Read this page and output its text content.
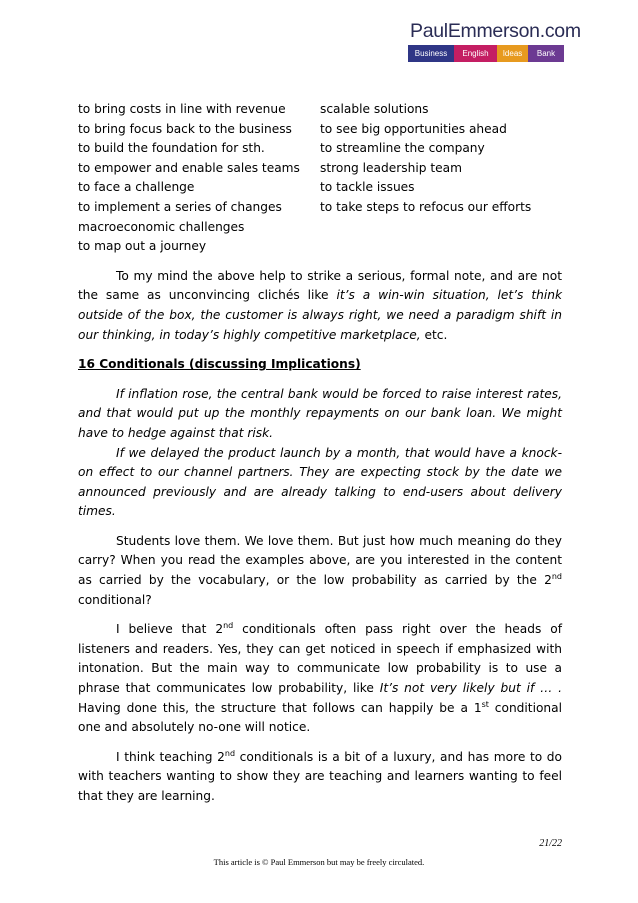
PaulEmmerson.com
Business	English	Ideas	Bank
to bring costs in line with revenue
to bring focus back to the business
to build the foundation for sth.
to empower and enable sales teams
to face a challenge
to implement a series of changes
macroeconomic challenges
to map out a journey
scalable solutions
to see big opportunities ahead
to streamline the company
strong leadership team
to tackle issues
to take steps to refocus our efforts

To my mind the above help to strike a serious, formal note, and are not the same as unconvincing clichés like it’s a win-win situation, let’s think outside of the box, the customer is always right, we need a paradigm shift in our thinking, in today’s highly competitive marketplace, etc.

16 Conditionals (discussing Implications)

If inflation rose, the central bank would be forced to raise interest rates, and that would put up the monthly repayments on our bank loan. We might have to hedge against that risk.

If we delayed the product launch by a month, that would have a knock-on effect to our channel partners. They are expecting stock by the date we announced previously and are already talking to end-users about delivery times.

Students love them. We love them. But just how much meaning do they carry? When you read the examples above, are you interested in the content as carried by the vocabulary, or the low probability as carried by the 2nd conditional?

I believe that 2nd conditionals often pass right over the heads of listeners and readers. Yes, they can get noticed in speech if emphasized with intonation. But the main way to communicate low probability is to use a phrase that communicates low probability, like It’s not very likely but if … . Having done this, the structure that follows can happily be a 1st conditional one and absolutely no-one will notice.

I think teaching 2nd conditionals is a bit of a luxury, and has more to do with teachers wanting to show they are teaching and learners wanting to feel that they are learning.

21/22
This article is © Paul Emmerson but may be freely circulated.
